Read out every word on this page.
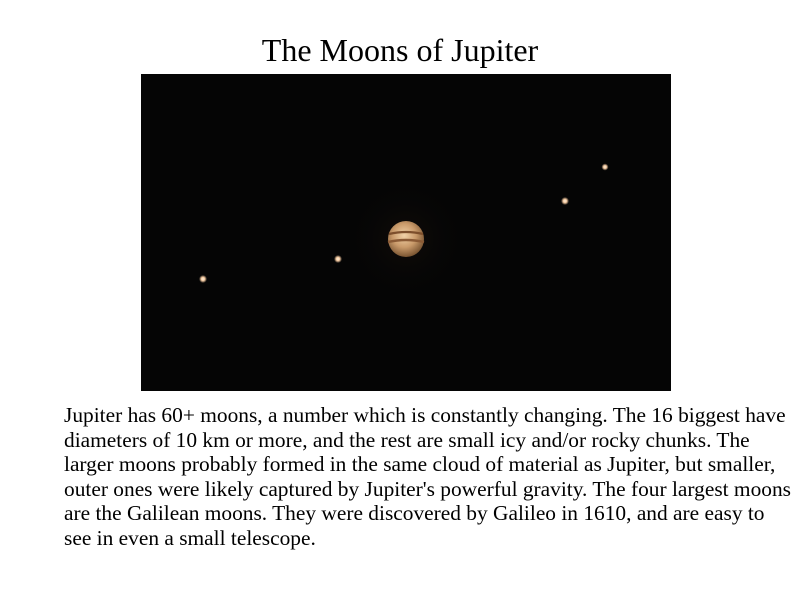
The Moons of Jupiter

Jupiter has 60+ moons, a number which is constantly changing. The 16 biggest have diameters of 10 km or more, and the rest are small icy and/or rocky chunks. The larger moons probably formed in the same cloud of material as Jupiter, but smaller, outer ones were likely captured by Jupiter's powerful gravity. The four largest moons are the Galilean moons. They were discovered by Galileo in 1610, and are easy to see in even a small telescope.
